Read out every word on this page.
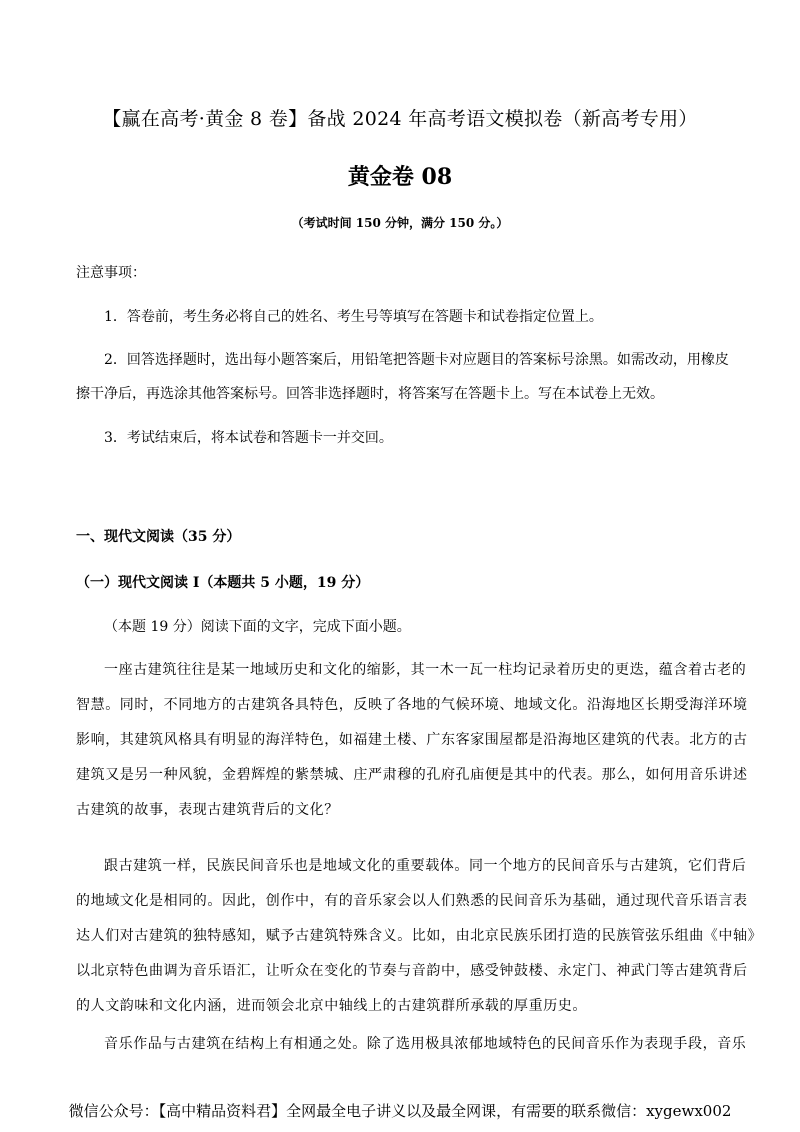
【赢在高考·黄金 8 卷】备战 2024 年高考语文模拟卷（新高考专用）
黄金卷 08
（考试时间 150 分钟，满分 150 分。）
注意事项：
1．答卷前，考生务必将自己的姓名、考生号等填写在答题卡和试卷指定位置上。
2．回答选择题时，选出每小题答案后，用铅笔把答题卡对应题目的答案标号涂黑。如需改动，用橡皮
擦干净后，再选涂其他答案标号。回答非选择题时，将答案写在答题卡上。写在本试卷上无效。
3．考试结束后，将本试卷和答题卡一并交回。
一、现代文阅读（35 分）
（一）现代文阅读 I（本题共 5 小题，19 分）
（本题 19 分）阅读下面的文字，完成下面小题。
一座古建筑往往是某一地域历史和文化的缩影，其一木一瓦一柱均记录着历史的更迭，蕴含着古老的
智慧。同时，不同地方的古建筑各具特色，反映了各地的气候环境、地域文化。沿海地区长期受海洋环境
影响，其建筑风格具有明显的海洋特色，如福建土楼、广东客家围屋都是沿海地区建筑的代表。北方的古
建筑又是另一种风貌，金碧辉煌的紫禁城、庄严肃穆的孔府孔庙便是其中的代表。那么，如何用音乐讲述
古建筑的故事，表现古建筑背后的文化？
跟古建筑一样，民族民间音乐也是地域文化的重要载体。同一个地方的民间音乐与古建筑，它们背后
的地域文化是相同的。因此，创作中，有的音乐家会以人们熟悉的民间音乐为基础，通过现代音乐语言表
达人们对古建筑的独特感知，赋予古建筑特殊含义。比如，由北京民族乐团打造的民族管弦乐组曲《中轴》
以北京特色曲调为音乐语汇，让听众在变化的节奏与音韵中，感受钟鼓楼、永定门、神武门等古建筑背后
的人文韵味和文化内涵，进而领会北京中轴线上的古建筑群所承载的厚重历史。
音乐作品与古建筑在结构上有相通之处。除了选用极具浓郁地域特色的民间音乐作为表现手段，音乐
微信公众号：【高中精品资料君】全网最全电子讲义以及最全网课，有需要的联系微信：xygewx002
